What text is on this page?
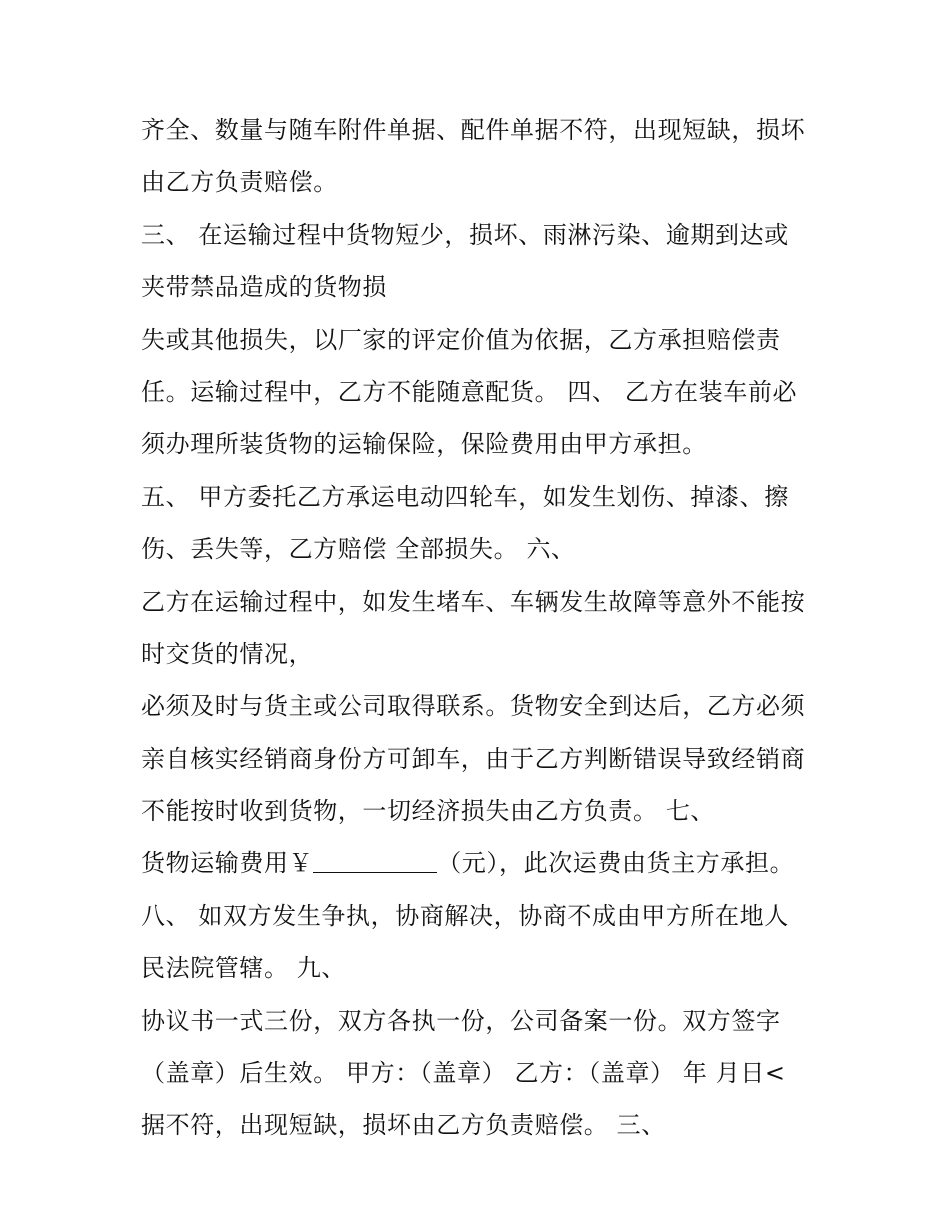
齐全、数量与随车附件单据、配件单据不符，出现短缺，损坏
由乙方负责赔偿。
三、 在运输过程中货物短少，损坏、雨淋污染、逾期到达或
夹带禁品造成的货物损
失或其他损失，以厂家的评定价值为依据，乙方承担赔偿责
任。运输过程中，乙方不能随意配货。 四、 乙方在装车前必
须办理所装货物的运输保险，保险费用由甲方承担。
五、 甲方委托乙方承运电动四轮车，如发生划伤、掉漆、擦
伤、丢失等，乙方赔偿 全部损失。 六、
乙方在运输过程中，如发生堵车、车辆发生故障等意外不能按
时交货的情况，
必须及时与货主或公司取得联系。货物安全到达后，乙方必须
亲自核实经销商身份方可卸车，由于乙方判断错误导致经销商
不能按时收到货物，一切经济损失由乙方负责。 七、
货物运输费用￥	（元），此次运费由货主方承担。
八、 如双方发生争执，协商解决，协商不成由甲方所在地人
民法院管辖。 九、
协议书一式三份，双方各执一份，公司备案一份。双方签字
（盖章）后生效。 甲方：（盖章） 乙方：（盖章） 年 月日<
据不符，出现短缺，损坏由乙方负责赔偿。 三、
